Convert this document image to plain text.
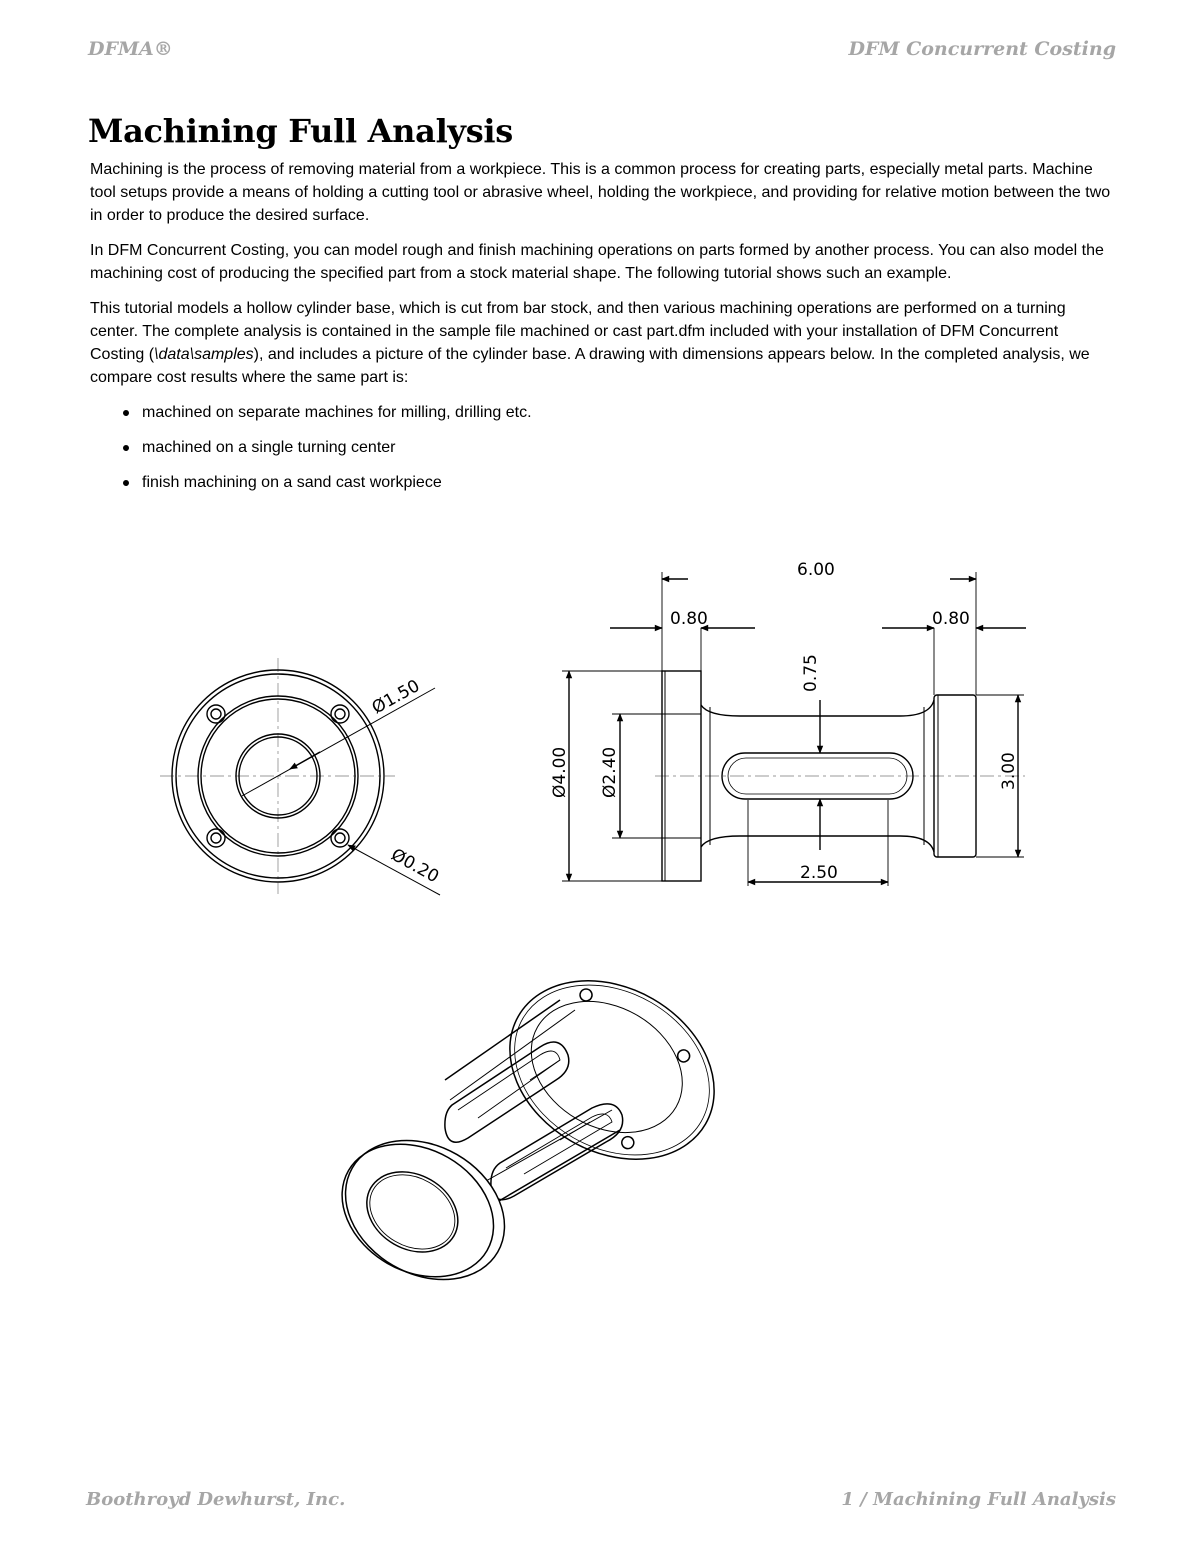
DFMA®	DFM Concurrent Costing
Machining Full Analysis

Machining is the process of removing material from a workpiece. This is a common process for creating parts, especially metal parts. Machine tool setups provide a means of holding a cutting tool or abrasive wheel, holding the workpiece, and providing for relative motion between the two in order to produce the desired surface.

In DFM Concurrent Costing, you can model rough and finish machining operations on parts formed by another process. You can also model the machining cost of producing the specified part from a stock material shape. The following tutorial shows such an example.

This tutorial models a hollow cylinder base, which is cut from bar stock, and then various machining operations are performed on a turning center. The complete analysis is contained in the sample file machined or cast part.dfm included with your installation of DFM Concurrent Costing (\data\samples), and includes a picture of the cylinder base. A drawing with dimensions appears below. In the completed analysis, we compare cost results where the same part is:

machined on separate machines for milling, drilling etc.
machined on a single turning center
finish machining on a sand cast workpiece
Ø1.50
Ø0.20
6.00
0.80	0.80
0.75
Ø4.00 Ø2.40	3.00
2.50
Boothroyd Dewhurst, Inc.	1 / Machining Full Analysis
